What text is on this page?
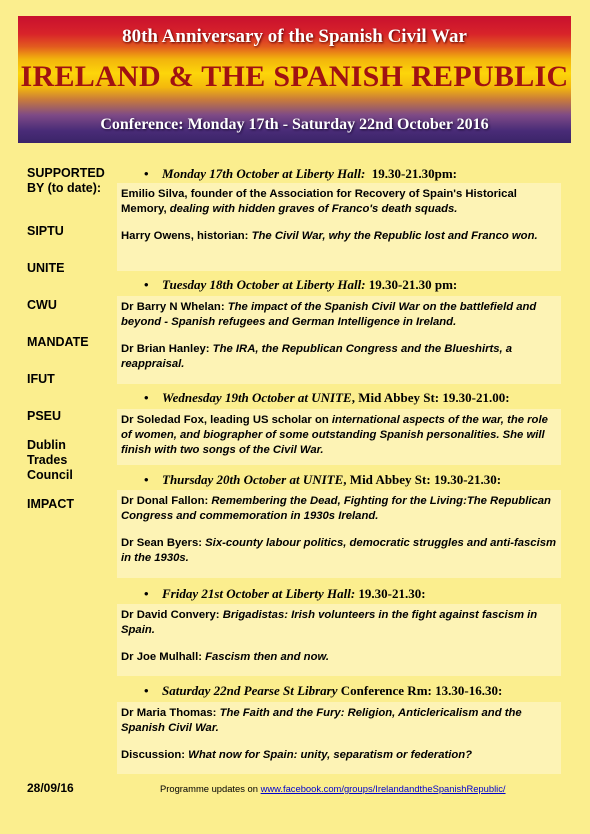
80th Anniversary of the Spanish Civil War
IRELAND & THE SPANISH REPUBLIC
Conference: Monday 17th - Saturday 22nd October 2016
SUPPORTED BY (to date):
SIPTU
UNITE
CWU
MANDATE
IFUT
PSEU
Dublin Trades Council
IMPACT
• Monday 17th October at Liberty Hall: 19.30-21.30pm:

Emilio Silva, founder of the Association for Recovery of Spain's Historical Memory, dealing with hidden graves of Franco's death squads.

Harry Owens, historian: The Civil War, why the Republic lost and Franco won.

• Tuesday 18th October at Liberty Hall: 19.30-21.30 pm:

Dr Barry N Whelan: The impact of the Spanish Civil War on the battlefield and beyond - Spanish refugees and German Intelligence in Ireland.

Dr Brian Hanley: The IRA, the Republican Congress and the Blueshirts, a reappraisal.

• Wednesday 19th October at UNITE, Mid Abbey St: 19.30-21.00:

Dr Soledad Fox, leading US scholar on international aspects of the war, the role of women, and biographer of some outstanding Spanish personalities. She will finish with two songs of the Civil War.

• Thursday 20th October at UNITE, Mid Abbey St: 19.30-21.30:

Dr Donal Fallon: Remembering the Dead, Fighting for the Living:The Republican Congress and commemoration in 1930s Ireland.

Dr Sean Byers: Six-county labour politics, democratic struggles and anti-fascism in the 1930s.

• Friday 21st October at Liberty Hall: 19.30-21.30:

Dr David Convery: Brigadistas: Irish volunteers in the fight against fascism in Spain.

Dr Joe Mulhall: Fascism then and now.

• Saturday 22nd Pearse St Library Conference Rm: 13.30-16.30:

Dr Maria Thomas: The Faith and the Fury: Religion, Anticlericalism and the Spanish Civil War.

Discussion: What now for Spain: unity, separatism or federation?

28/09/16	Programme updates on www.facebook.com/groups/IrelandandtheSpanishRepublic/
